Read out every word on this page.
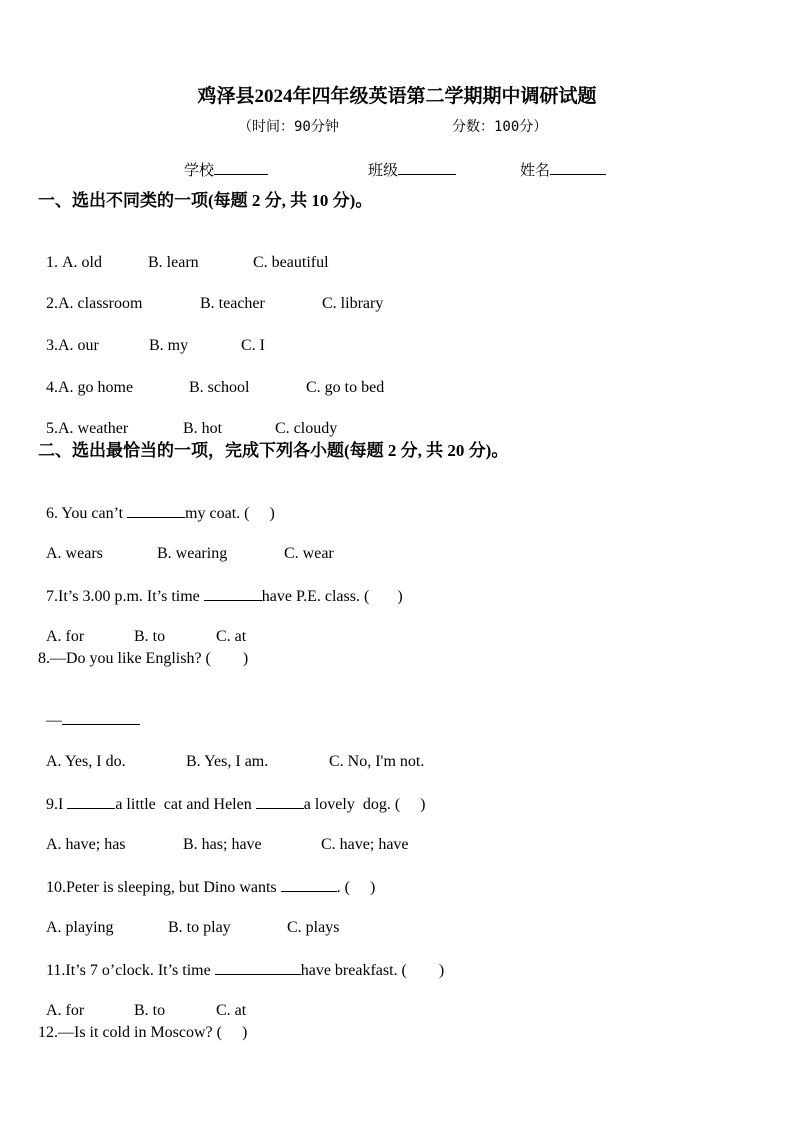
鸡泽县2024年四年级英语第二学期期中调研试题
（时间：90分钟	分数：100分）
学校	班级	姓名
一、选出不同类的一项(每题 2 分, 共 10 分)。

1. A. old	B. learn	C. beautiful

2.A. classroom	B. teacher	C. library

3.A. our	B. my	C. I

4.A. go home	B. school	C. go to bed

5.A. weather	B. hot	C. cloudy

二、选出最恰当的一项，完成下列各小题(每题 2 分, 共 20 分)。

6. You can’t	my coat. (     )

A. wears	B. wearing	C. wear

7.It’s 3.00 p.m. It’s time	have P.E. class. (       )

A. for	B. to	C. at

8.—Do you like English? (        )

—

A. Yes, I do.	B. Yes, I am.	C. No, I'm not.

9.I	a little  cat and Helen	a lovely  dog. (     )

A. have; has	B. has; have	C. have; have

10.Peter is sleeping, but Dino wants	. (     )

A. playing	B. to play	C. plays

11.It’s 7 o’clock. It’s time	have breakfast. (        )

A. for	B. to	C. at

12.—Is it cold in Moscow? (     )
